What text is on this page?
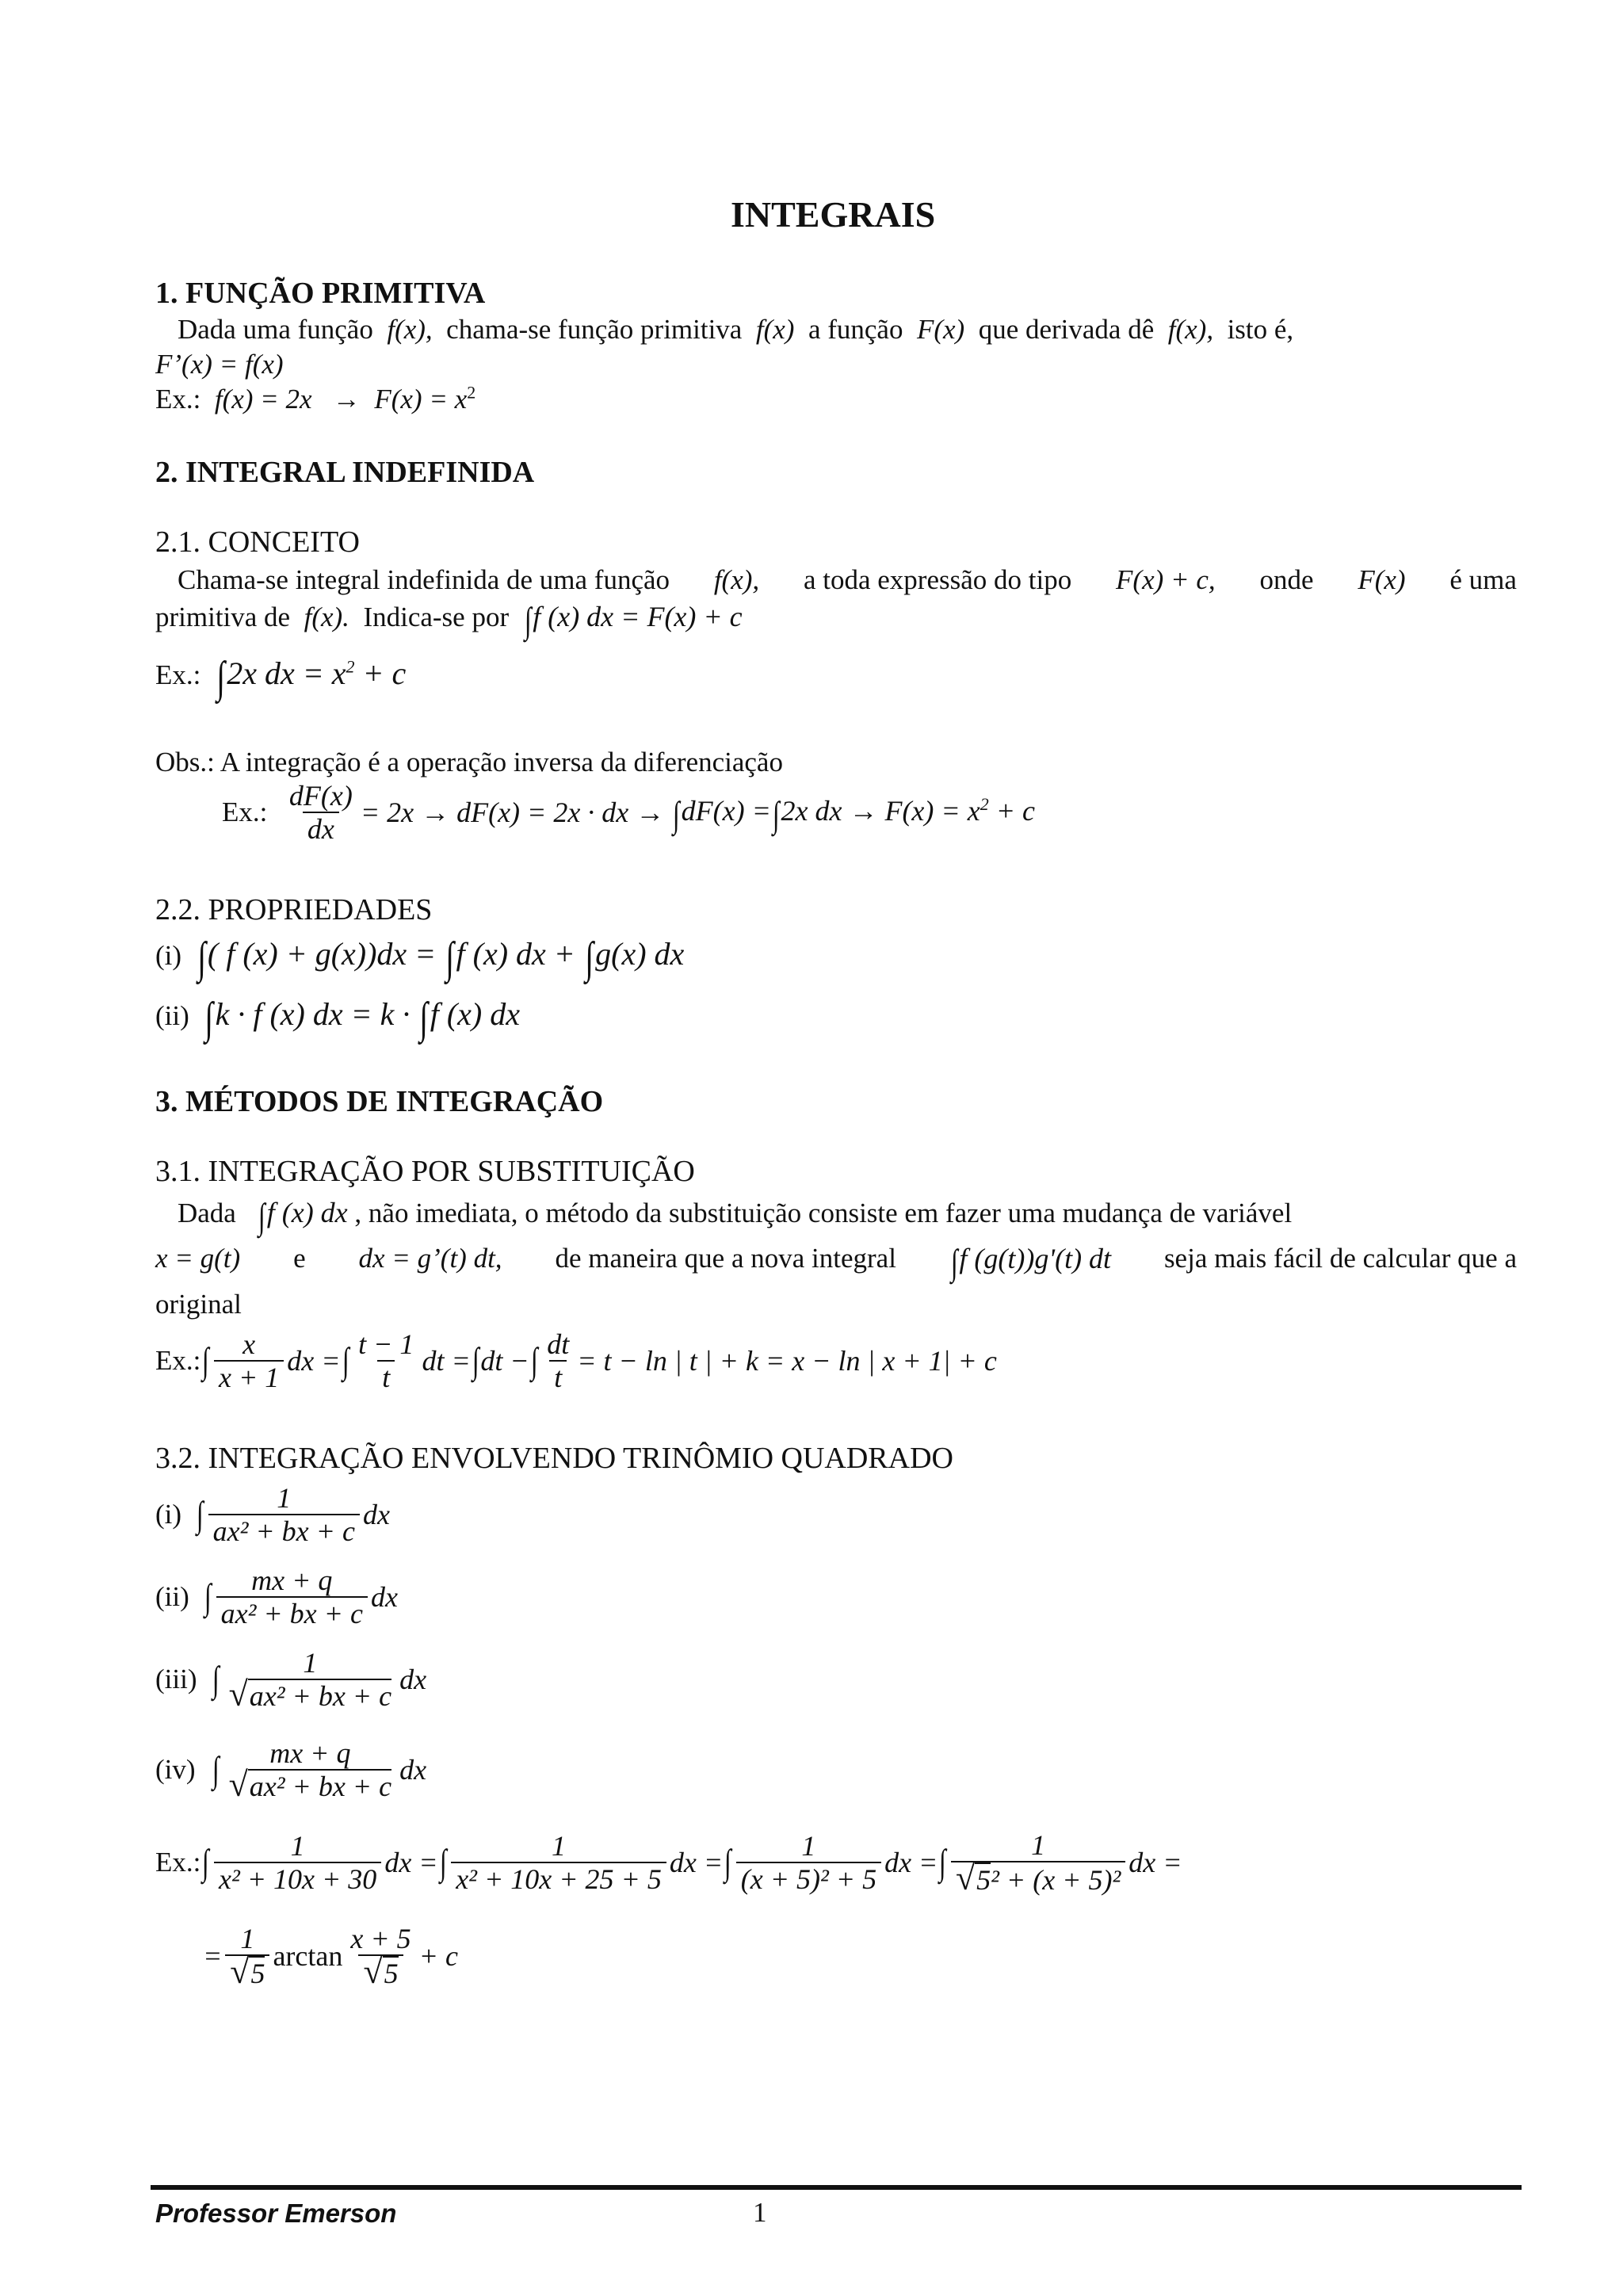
INTEGRAIS
1. FUNÇÃO PRIMITIVA
Dada uma função f(x), chama-se função primitiva f(x) a função F(x) que derivada dê f(x), isto é,
F’(x) = f(x)
Ex.: $f(x) = 2x \to F(x) = x^2$
2. INTEGRAL INDEFINIDA
2.1. CONCEITO
Chama-se integral indefinida de uma função f(x), a toda expressão do tipo F(x) + c, onde F(x) é uma
primitiva de f(x). Indica-se por ∫f (x) dx = F(x) + c
Ex.: ∫2x dx = $x^2 + c$
Obs.: A integração é a operação inversa da diferenciação
Ex.:
$\frac{dF(x)}{dx} = 2x \to dF(x) = 2x$ · dx →
∫dF(x) =∫2x dx → $F(x) = x^2 + c$
2.2. PROPRIEDADES
(i) ∫( f (x) + g(x))dx = ∫f (x) dx + ∫g(x) dx
(ii) ∫k · f (x) dx = k · ∫f (x) dx
3. MÉTODOS DE INTEGRAÇÃO
3.1. INTEGRAÇÃO POR SUBSTITUIÇÃO
Dada ∫f (x) dx , não imediata, o método da substituição consiste em fazer uma mudança de variável
x = g(t) e dx = g’(t) dt, de maneira que a nova integral ∫f (g(t))g'(t) dt seja mais fácil de calcular que a
original
Ex.: ∫ $\frac{x}{x + 1}$ dx = ∫ $\frac{t - 1}{t}$ dt = ∫ dt − ∫ $\frac{dt}{t} = t - \ln$ | t | + k = x − ln | x + 1| + c
3.2. INTEGRAÇÃO ENVOLVENDO TRINÔMIO QUADRADO
(i) ∫ $\frac{1}{\text{ax² + bx + c}}$ dx
(ii) ∫ $\frac{mx + q}{\text{ax² + bx + c}}$ dx
(iii) ∫	1
√ax² + bx + c
dx
(iv) ∫ mx + q
√ax² + bx + c
dx
Ex.: ∫ $\frac{1}{\text{x² + 10x + 30}}$ dx = ∫ $\frac{1}{\text{x² + 10x + 25 + 5}}$ dx = ∫ $\frac{1}{\text{(x + 5)² + 5}}$ dx = ∫ $\frac{1}{\text{√5² + (x + 5)²}}$ dx =
= $\frac{1}{√5}$ $\arctan \frac{x + 5}{√5} + c$
Professor Emerson	1
